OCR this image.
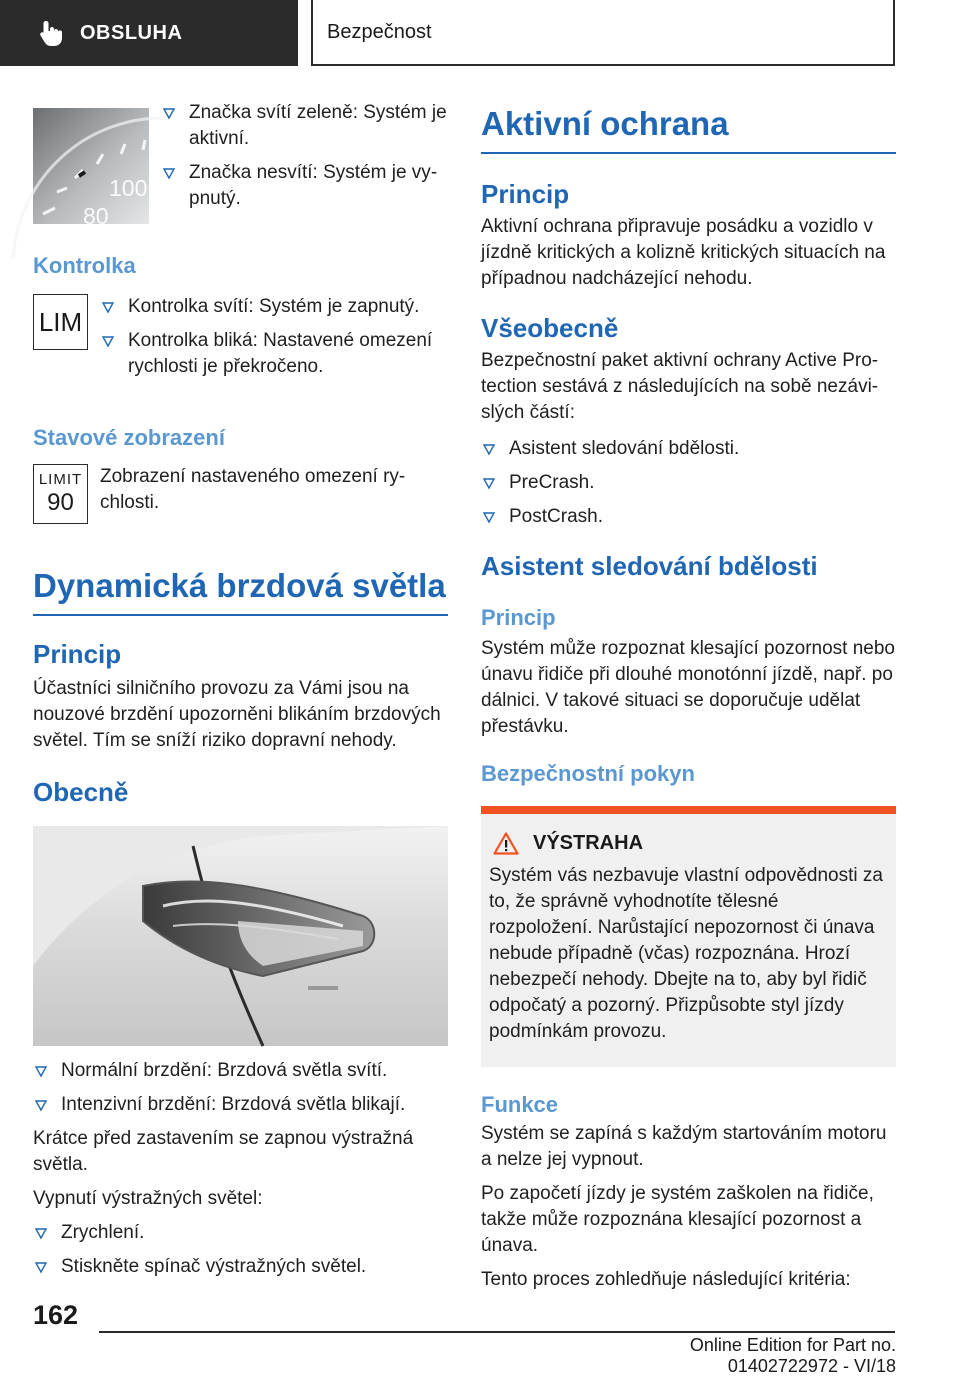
OBSLUHA	Bezpečnost
100
80
Značka svítí zeleně: Systém je aktivní.
Značka nesvítí: Systém je vypnutý.
Kontrolka
LIM	Kontrolka svítí: Systém je zapnutý.
Kontrolka bliká: Nastavené omezení rychlosti je překročeno.
Stavové zobrazení
LIMIT
90

Zobrazení nastaveného omezení rychlosti.

Dynamická brzdová světla
Princip

Účastníci silničního provozu za Vámi jsou na nouzové brzdění upozorněni blikáním brzdových světel. Tím se sníží riziko dopravní nehody.

Obecně
Normální brzdění: Brzdová světla svítí.
Intenzivní brzdění: Brzdová světla blikají.

Krátce před zastavením se zapnou výstražná světla.

Vypnutí výstražných světel:

Zrychlení.
Stiskněte spínač výstražných světel.
Aktivní ochrana
Princip

Aktivní ochrana připravuje posádku a vozidlo v jízdně kritických a kolizně kritických situacích na případnou nadcházející nehodu.

Všeobecně

Bezpečnostní paket aktivní ochrany Active Protection sestává z následujících na sobě nezávislých částí:

Asistent sledování bdělosti.
PreCrash.
PostCrash.
Asistent sledování bdělosti
Princip

Systém může rozpoznat klesající pozornost nebo únavu řidiče při dlouhé monotónní jízdě, např. po dálnici. V takové situaci se doporučuje udělat přestávku.

Bezpečnostní pokyn
VÝSTRAHA

Systém vás nezbavuje vlastní odpovědnosti za to, že správně vyhodnotíte tělesné rozpoložení. Narůstající nepozornost či únava nebude případně (včas) rozpoznána. Hrozí nebezpečí nehody. Dbejte na to, aby byl řidič odpočatý a pozorný. Přizpůsobte styl jízdy podmínkám provozu.

Funkce

Systém se zapíná s každým startováním motoru a nelze jej vypnout.

Po započetí jízdy je systém zaškolen na řidiče, takže může rozpoznána klesající pozornost a únava.

Tento proces zohledňuje následující kritéria:

162
Online Edition for Part no. 01402722972 - VI/18
